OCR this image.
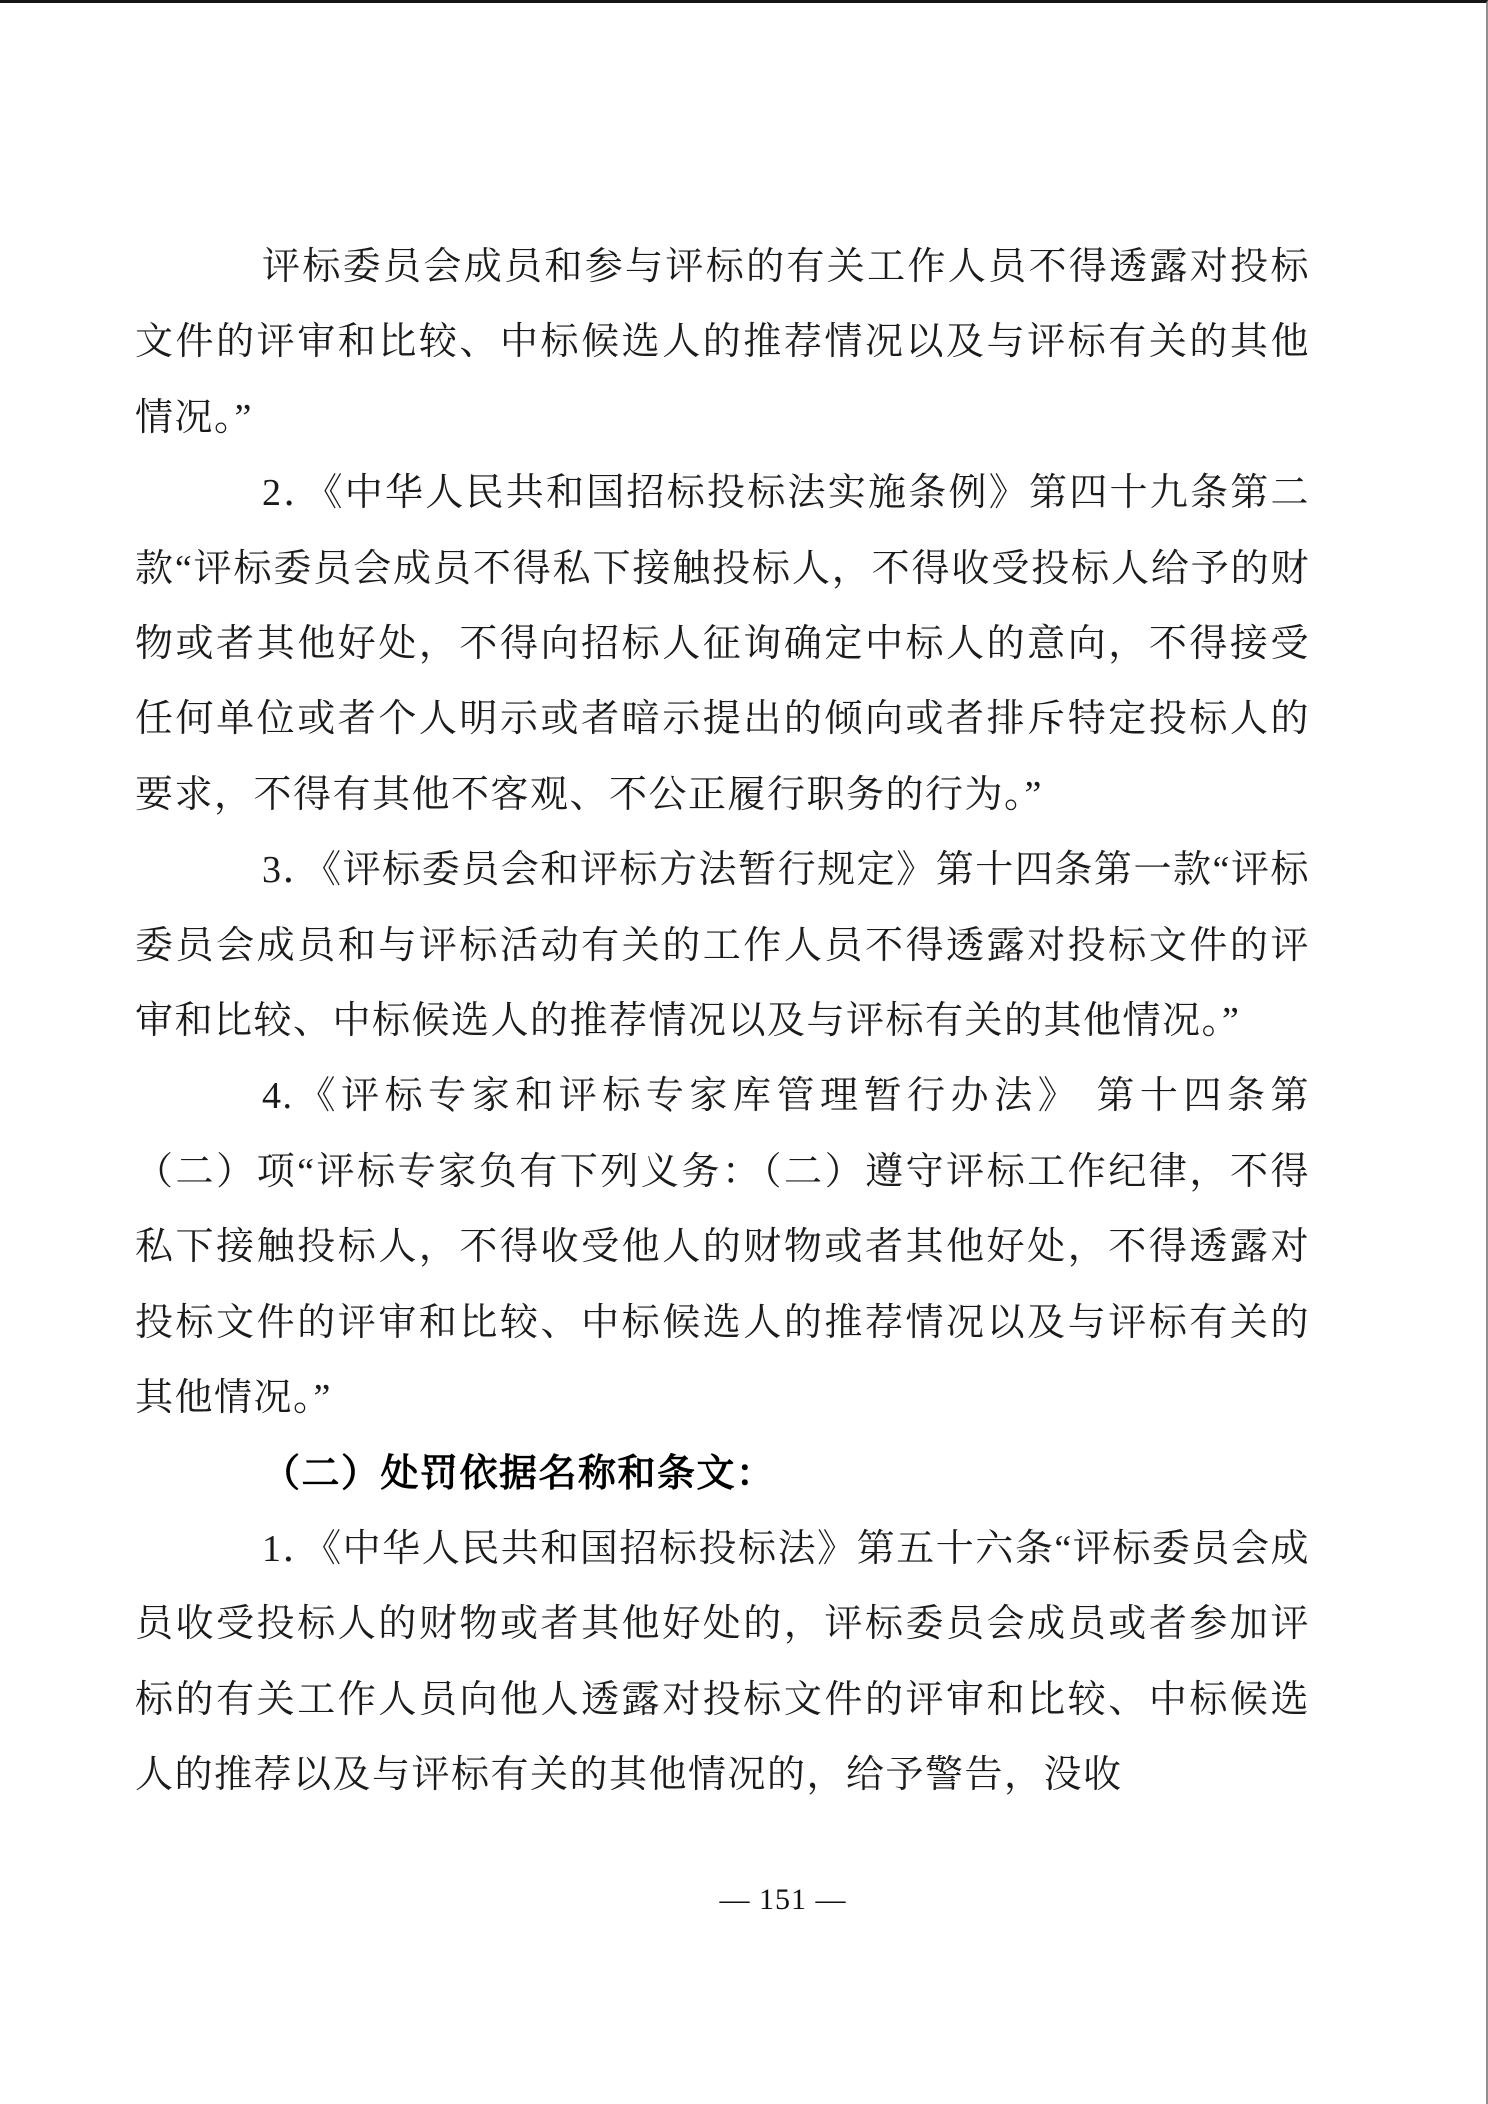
评标委员会成员和参与评标的有关工作人员不得透露对投标文件的评审和比较、中标候选人的推荐情况以及与评标有关的其他情况。”

2．《中华人民共和国招标投标法实施条例》第四十九条第二款“评标委员会成员不得私下接触投标人，不得收受投标人给予的财物或者其他好处，不得向招标人征询确定中标人的意向，不得接受任何单位或者个人明示或者暗示提出的倾向或者排斥特定投标人的要求，不得有其他不客观、不公正履行职务的行为。”

3．《评标委员会和评标方法暂行规定》第十四条第一款“评标委员会成员和与评标活动有关的工作人员不得透露对投标文件的评审和比较、中标候选人的推荐情况以及与评标有关的其他情况。”

4.《评标专家和评标专家库管理暂行办法》 第十四条第（二）项“评标专家负有下列义务：（二）遵守评标工作纪律，不得私下接触投标人，不得收受他人的财物或者其他好处，不得透露对投标文件的评审和比较、中标候选人的推荐情况以及与评标有关的其他情况。”

（二）处罚依据名称和条文：

1．《中华人民共和国招标投标法》第五十六条“评标委员会成员收受投标人的财物或者其他好处的，评标委员会成员或者参加评标的有关工作人员向他人透露对投标文件的评审和比较、中标候选人的推荐以及与评标有关的其他情况的，给予警告，没收

— 151 —
